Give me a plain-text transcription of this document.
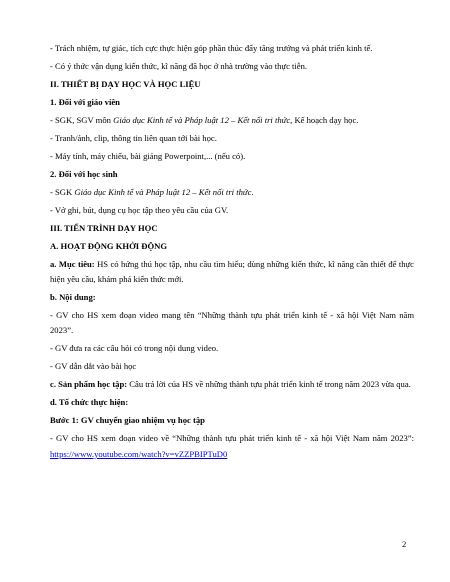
- Trách nhiệm, tự giác, tích cực thực hiện góp phần thúc đẩy tăng trưởng và phát triển kinh tế.
- Có ý thức vận dụng kiến thức, kĩ năng đã học ở nhà trường vào thực tiễn.
II. THIẾT BỊ DẠY HỌC VÀ HỌC LIỆU
1. Đối với giáo viên
- SGK, SGV môn Giáo dục Kinh tế và Pháp luật 12 – Kết nối tri thức, Kế hoạch dạy học.
- Tranh/ảnh, clip, thông tin liên quan tới bài học.
- Máy tính, máy chiếu, bài giảng Powerpoint,... (nếu có).
2. Đối với học sinh
- SGK Giáo dục Kinh tế và Pháp luật 12 – Kết nối tri thức.
- Vở ghi, bút, dụng cụ học tập theo yêu cầu của GV.
III. TIẾN TRÌNH DẠY HỌC
A. HOẠT ĐỘNG KHỞI ĐỘNG
a. Mục tiêu: HS có hứng thú học tập, nhu cầu tìm hiểu; dùng những kiến thức, kĩ năng cần thiết để thực hiện yêu cầu, khám phá kiến thức mới.
b. Nội dung:
- GV cho HS xem đoạn video mang tên “Những thành tựu phát triển kinh tế - xã hội Việt Nam năm 2023”.
- GV đưa ra các câu hỏi có trong nội dung video.
- GV dẫn dắt vào bài học
c. Sản phẩm học tập: Câu trả lời của HS về những thành tựu phát triển kinh tế trong năm 2023 vừa qua.
d. Tổ chức thực hiện:
Bước 1: GV chuyển giao nhiệm vụ học tập
- GV cho HS xem đoạn video về “Những thành tựu phát triển kinh tế - xã hội Việt Nam năm 2023”: https://www.youtube.com/watch?v=vZZPBIPTuD0
2
